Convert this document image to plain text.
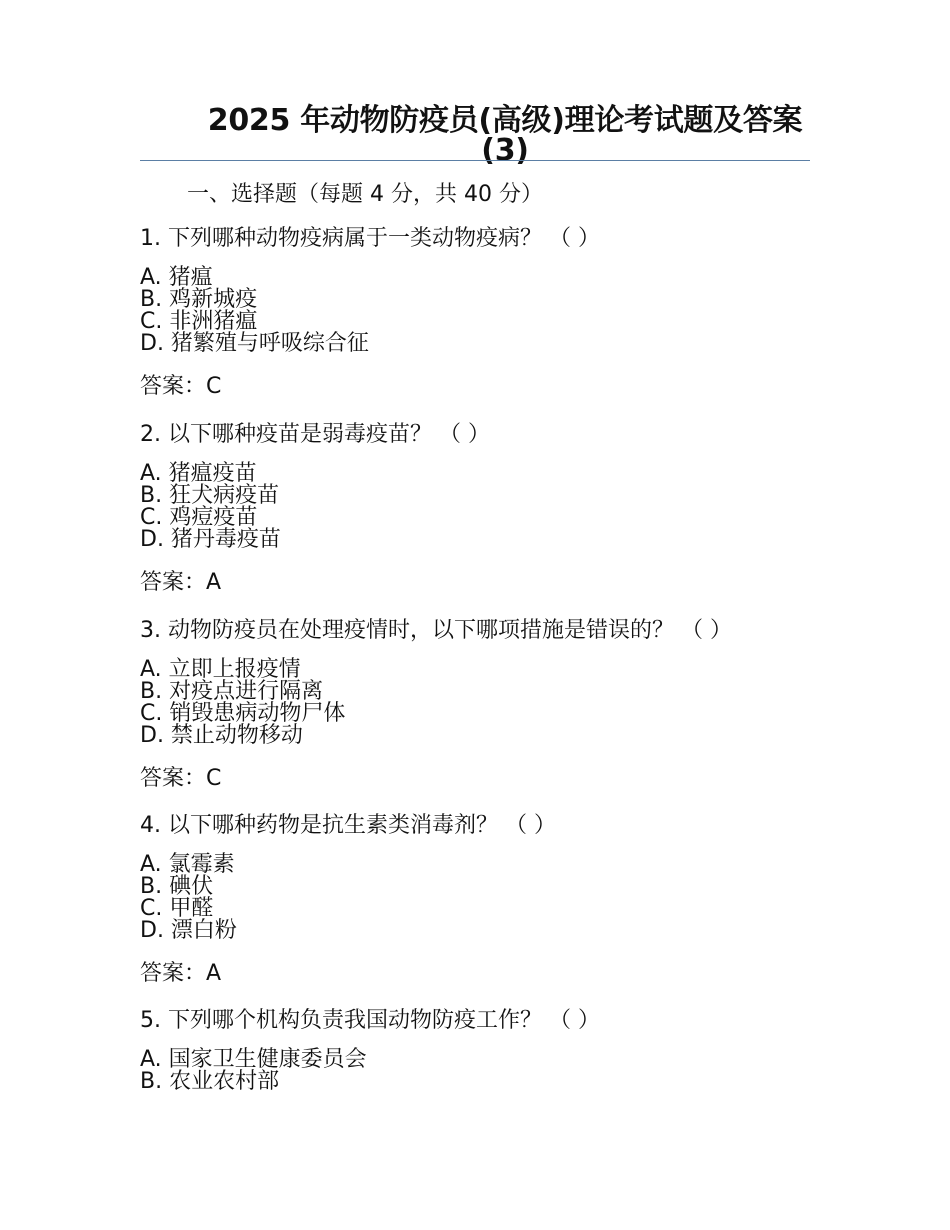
2025 年动物防疫员(高级)理论考试题及答案(3)
一、选择题（每题 4 分，共 40 分）
1. 下列哪种动物疫病属于一类动物疫病？ （ ）
A. 猪瘟
B. 鸡新城疫
C. 非洲猪瘟
D. 猪繁殖与呼吸综合征
答案：C
2. 以下哪种疫苗是弱毒疫苗？ （ ）
A. 猪瘟疫苗
B. 狂犬病疫苗
C. 鸡痘疫苗
D. 猪丹毒疫苗
答案：A
3. 动物防疫员在处理疫情时，以下哪项措施是错误的？ （ ）
A. 立即上报疫情
B. 对疫点进行隔离
C. 销毁患病动物尸体
D. 禁止动物移动
答案：C
4. 以下哪种药物是抗生素类消毒剂？ （ ）
A. 氯霉素
B. 碘伏
C. 甲醛
D. 漂白粉
答案：A
5. 下列哪个机构负责我国动物防疫工作？ （ ）
A. 国家卫生健康委员会
B. 农业农村部
